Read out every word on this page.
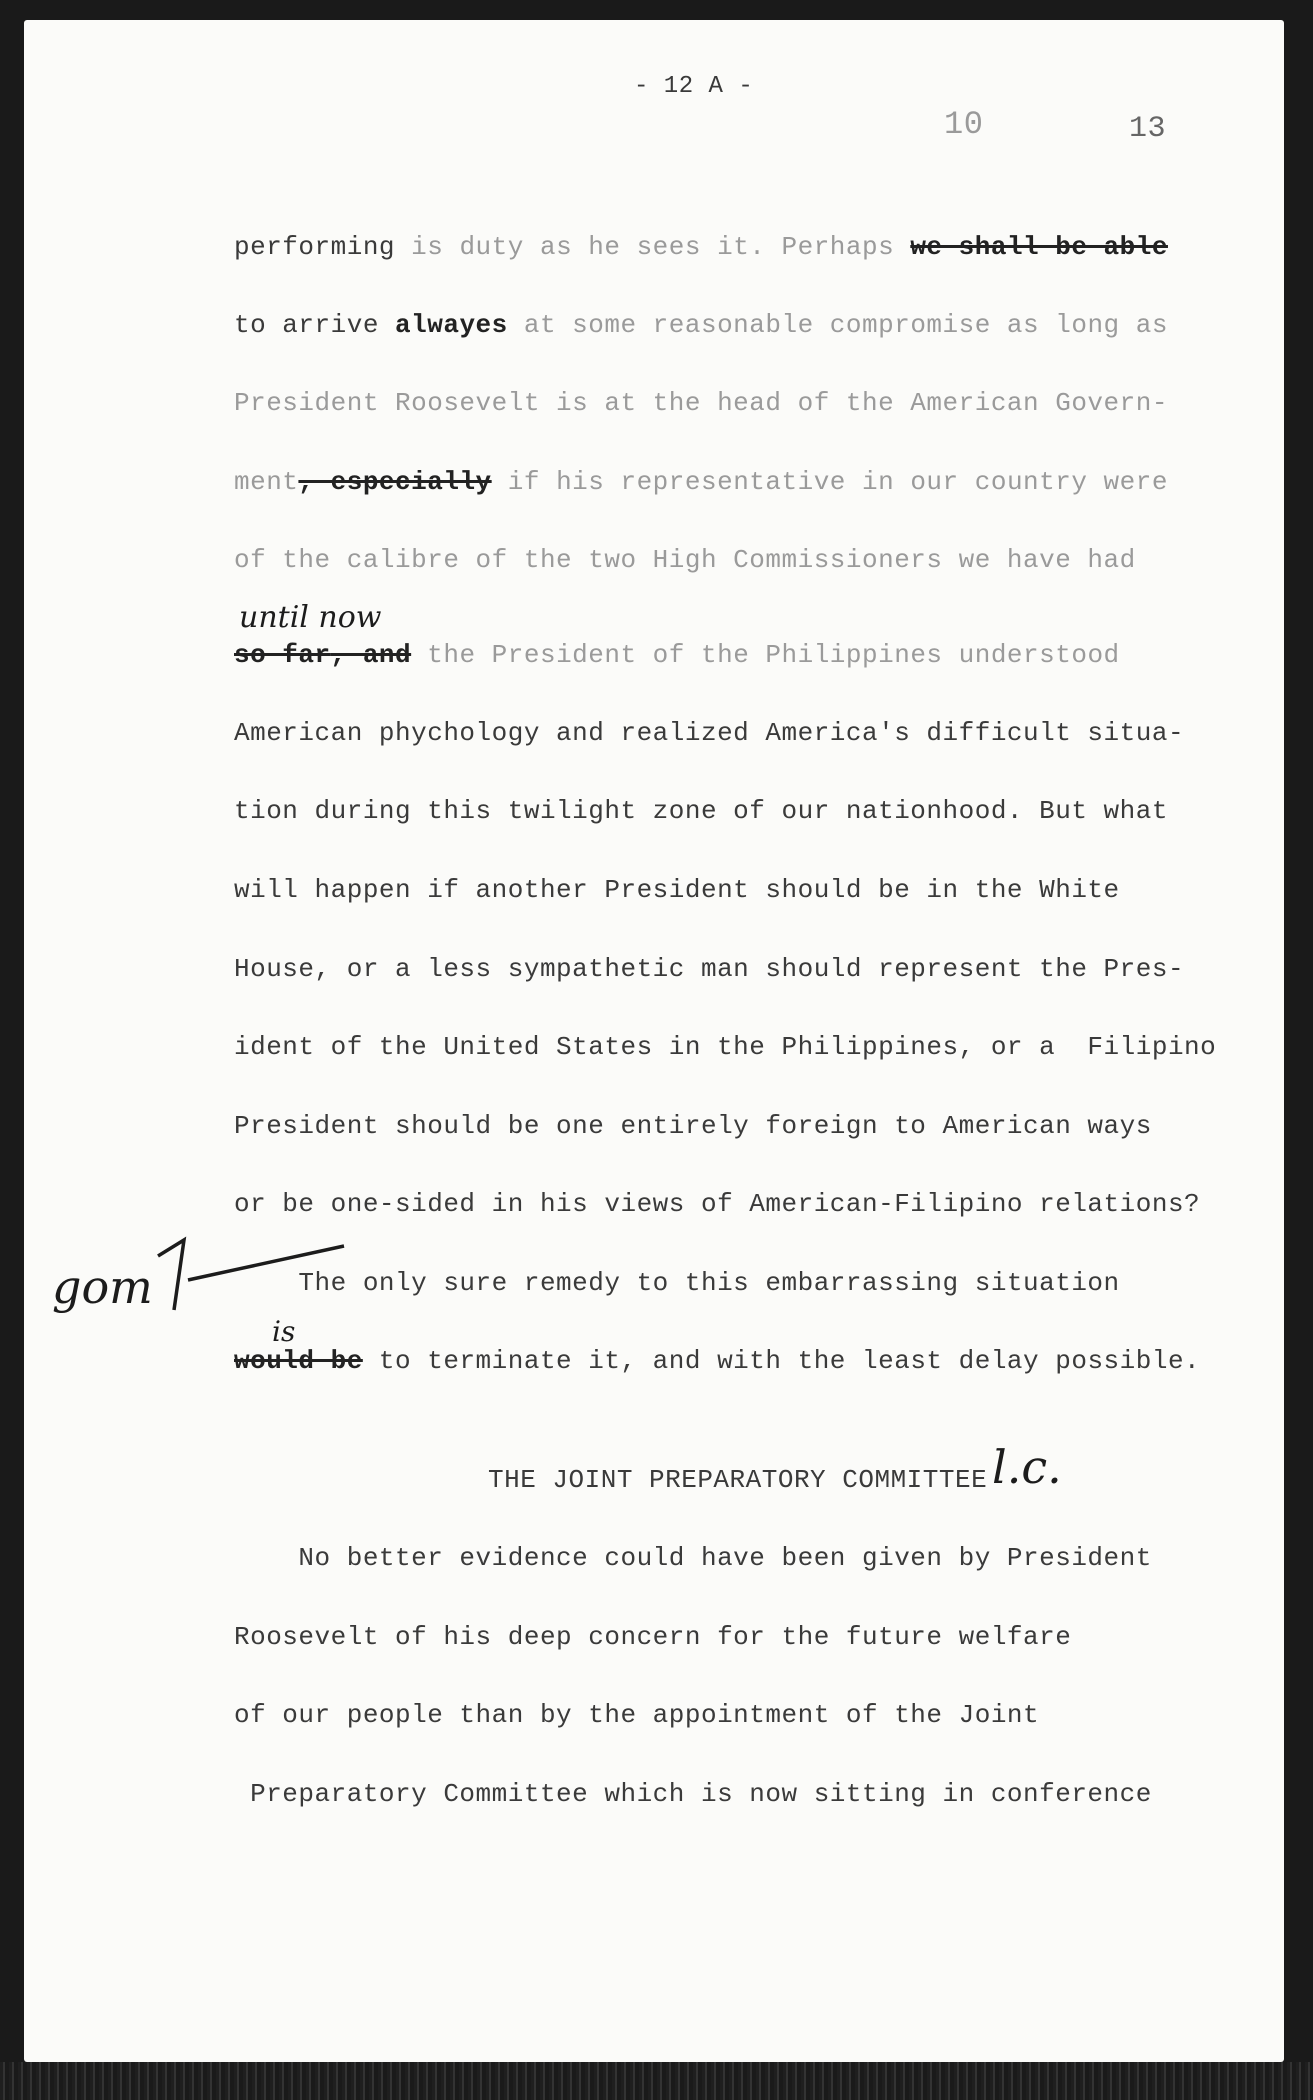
- 12 A -
10	13
performing is duty as he sees it. Perhaps we shall be able
to arrive alwayes at some reasonable compromise as long as
President Roosevelt is at the head of the American Govern-
ment, especially if his representative in our country were
of the calibre of the two High Commissioners we have had
until now
so far, and the President of the Philippines understood
American phychology and realized America's difficult situa-
tion during this twilight zone of our nationhood. But what
will happen if another President should be in the White
House, or a less sympathetic man should represent the Pres-
ident of the United States in the Philippines, or a  Filipino
President should be one entirely foreign to American ways
or be one-sided in his views of American-Filipino relations?
The only sure remedy to this embarrassing situation
is
would be to terminate it, and with the least delay possible.
gom
THE JOINT PREPARATORY COMMITTEE l.c.
No better evidence could have been given by President
Roosevelt of his deep concern for the future welfare
of our people than by the appointment of the Joint
Preparatory Committee which is now sitting in conference
